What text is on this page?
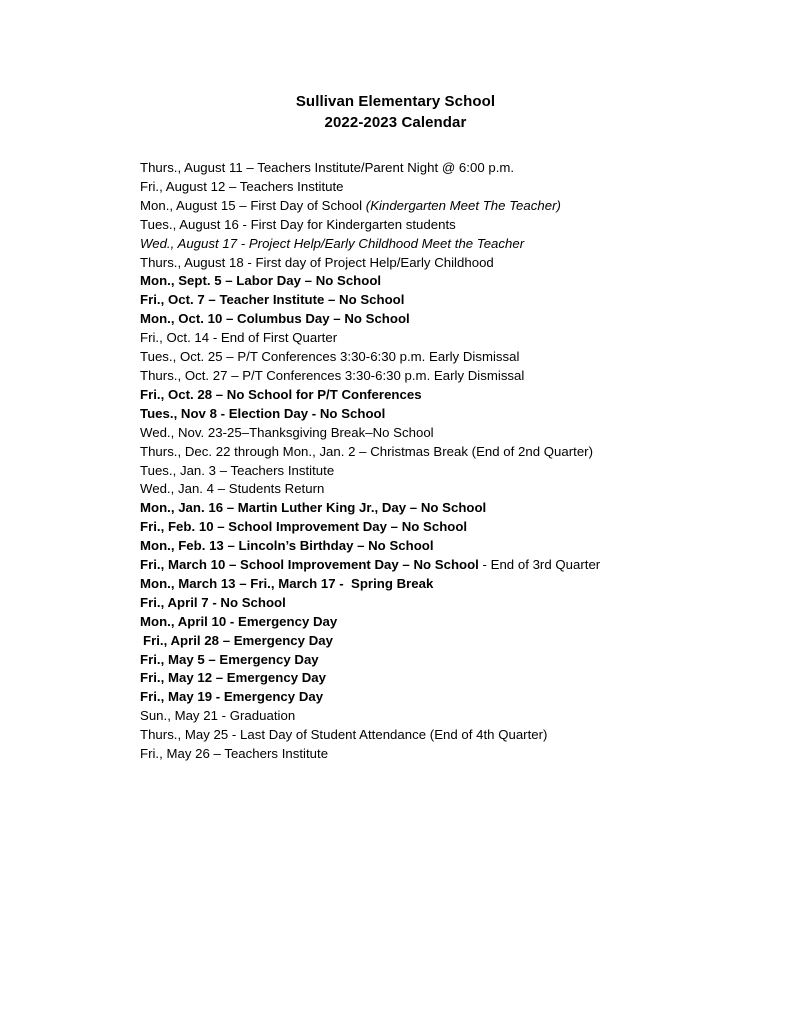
Sullivan Elementary School
2022-2023 Calendar
Thurs., August 11 – Teachers Institute/Parent Night @ 6:00 p.m.
Fri., August 12 – Teachers Institute
Mon., August 15 – First Day of School (Kindergarten Meet The Teacher)
Tues., August 16 - First Day for Kindergarten students
Wed., August 17 - Project Help/Early Childhood Meet the Teacher
Thurs., August 18 - First day of Project Help/Early Childhood
Mon., Sept. 5 – Labor Day – No School
Fri., Oct. 7 – Teacher Institute – No School
Mon., Oct. 10 – Columbus Day – No School
Fri., Oct. 14 - End of First Quarter
Tues., Oct. 25 – P/T Conferences 3:30-6:30 p.m. Early Dismissal
Thurs., Oct. 27 – P/T Conferences 3:30-6:30 p.m. Early Dismissal
Fri., Oct. 28 – No School for P/T Conferences
Tues., Nov 8 - Election Day - No School
Wed., Nov. 23-25–Thanksgiving Break–No School
Thurs., Dec. 22 through Mon., Jan. 2 – Christmas Break (End of 2nd Quarter)
Tues., Jan. 3 – Teachers Institute
Wed., Jan. 4 – Students Return
Mon., Jan. 16 – Martin Luther King Jr., Day – No School
Fri., Feb. 10 – School Improvement Day – No School
Mon., Feb. 13 – Lincoln’s Birthday – No School
Fri., March 10 – School Improvement Day – No School - End of 3rd Quarter
Mon., March 13 – Fri., March 17 -  Spring Break
Fri., April 7 - No School
Mon., April 10 - Emergency Day
Fri., April 28 – Emergency Day
Fri., May 5 – Emergency Day
Fri., May 12 – Emergency Day
Fri., May 19 - Emergency Day
Sun., May 21 - Graduation
Thurs., May 25 - Last Day of Student Attendance (End of 4th Quarter)
Fri., May 26 – Teachers Institute
